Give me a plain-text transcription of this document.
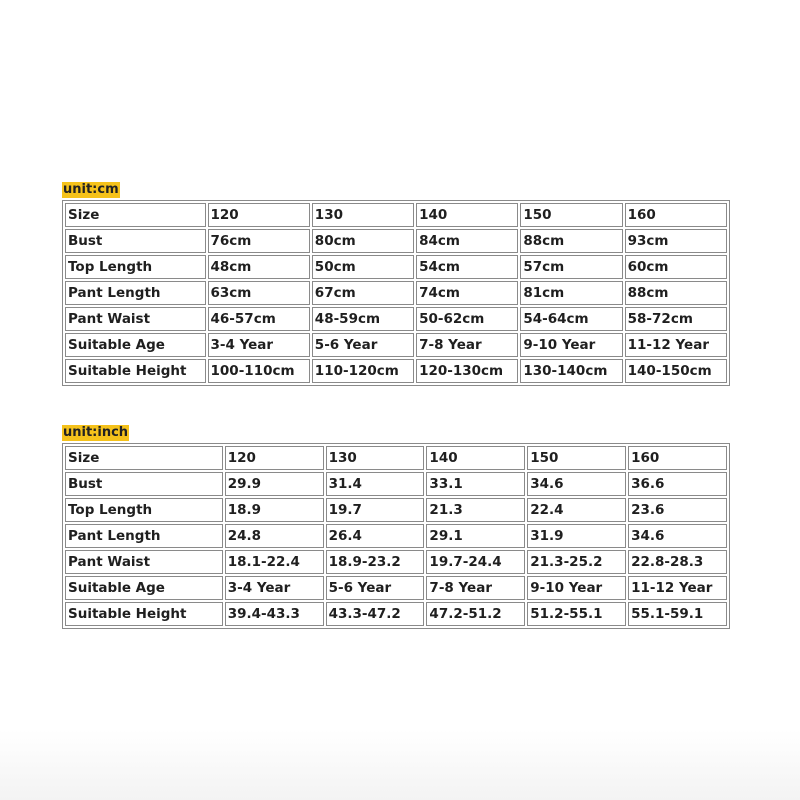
unit:cm
Size	120	130	140	150	160
Bust	76cm	80cm	84cm	88cm	93cm
Top Length	48cm	50cm	54cm	57cm	60cm
Pant Length	63cm	67cm	74cm	81cm	88cm
Pant Waist	46-57cm	48-59cm	50-62cm	54-64cm	58-72cm
Suitable Age	3-4 Year	5-6 Year	7-8 Year	9-10 Year	11-12 Year
Suitable Height	100-110cm	110-120cm	120-130cm	130-140cm	140-150cm
unit:inch
Size	120	130	140	150	160
Bust	29.9	31.4	33.1	34.6	36.6
Top Length	18.9	19.7	21.3	22.4	23.6
Pant Length	24.8	26.4	29.1	31.9	34.6
Pant Waist	18.1-22.4	18.9-23.2	19.7-24.4	21.3-25.2	22.8-28.3
Suitable Age	3-4 Year	5-6 Year	7-8 Year	9-10 Year	11-12 Year
Suitable Height	39.4-43.3	43.3-47.2	47.2-51.2	51.2-55.1	55.1-59.1
